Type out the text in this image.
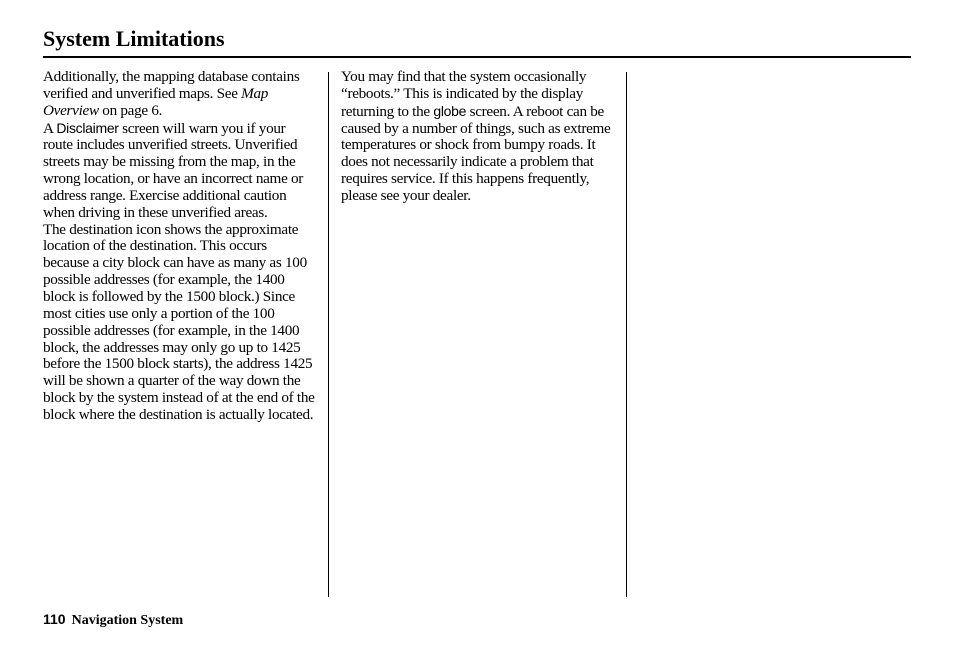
System Limitations

Additionally, the mapping database contains verified and unverified maps. See Map Overview on page 6.

A Disclaimer screen will warn you if your route includes unverified streets. Unverified streets may be missing from the map, in the wrong location, or have an incorrect name or address range. Exercise additional caution when driving in these unverified areas.

The destination icon shows the approximate location of the destination. This occurs because a city block can have as many as 100 possible addresses (for example, the 1400 block is followed by the 1500 block.) Since most cities use only a portion of the 100 possible addresses (for example, in the 1400 block, the addresses may only go up to 1425 before the 1500 block starts), the address 1425 will be shown a quarter of the way down the block by the system instead of at the end of the block where the destination is actually located.

You may find that the system occasionally “reboots.” This is indicated by the display returning to the globe screen. A reboot can be caused by a number of things, such as extreme temperatures or shock from bumpy roads. It does not necessarily indicate a problem that requires service. If this happens frequently, please see your dealer.

110 Navigation System
